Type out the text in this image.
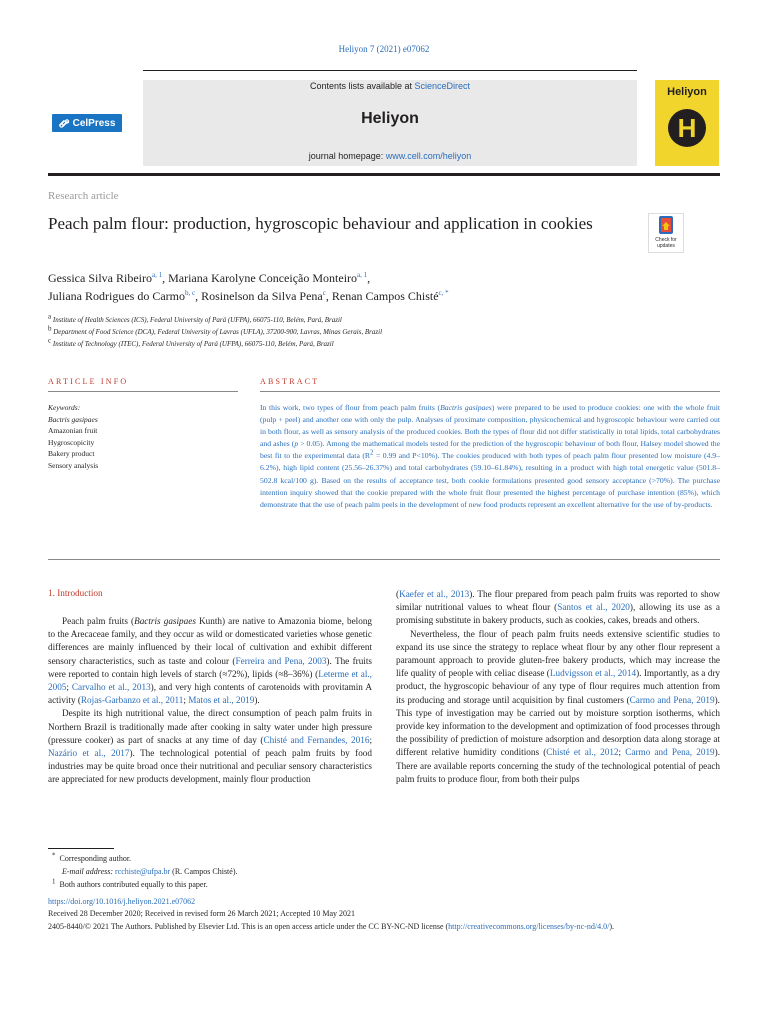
Heliyon 7 (2021) e07062
Contents lists available at ScienceDirect
Heliyon
journal homepage: www.cell.com/heliyon
CelPress
Heliyon
H
Research article
Peach palm flour: production, hygroscopic behaviour and application in cookies
Check for
updates
Gessica Silva Ribeiro$^{a, 1}$, Mariana Karolyne Conceição Monteiro$^{a, 1}$,
Juliana Rodrigues do Carmo$^{b, c}$, Rosinelson da Silva Pena$^c$, Renan Campos Chisté$^{c, *}$
$^a$ Institute of Health Sciences (ICS), Federal University of Pará (UFPA), 66075-110, Belém, Pará, Brazil
$^b$ Department of Food Science (DCA), Federal University of Lavras (UFLA), 37200-900, Lavras, Minas Gerais, Brazil
$^c$ Institute of Technology (ITEC), Federal University of Pará (UFPA), 66075-110, Belém, Pará, Brazil
ARTICLE INFO	ABSTRACT
Keywords:
Bactris gasipaes
Amazonian fruit
Hygroscopicity
Bakery product
Sensory analysis
In this work, two types of flour from peach palm fruits (Bactris gasipaes) were prepared to be used to produce cookies: one with the whole fruit (pulp + peel) and another one with only the pulp. Analyses of proximate composition, physicochemical and hygroscopic behaviour were carried out in both flour, as well as sensory analysis of the produced cookies. Both the types of flour did not differ statistically in total lipids, total carbohydrates and ashes (p > 0.05). Among the mathematical models tested for the prediction of the hygroscopic behaviour of both flour, Halsey model showed the best fit to the experimental data ($R^2 = 0.99$ and P<10%). The cookies produced with both types of peach palm flour presented low moisture (4.9–6.2%), high lipid content (25.56–26.37%) and total carbohydrates (59.10–61.84%), resulting in a product with high total energetic value (501.8–502.8 kcal/100 g). Based on the results of acceptance test, both cookie formulations presented good sensory acceptance (>70%). The purchase intention inquiry showed that the cookie prepared with the whole fruit flour presented the highest percentage of purchase intention (85%), which demonstrate that the use of peach palm peels in the development of new food products represent an excellent alternative for the use of by-products.
1. Introduction

Peach palm fruits (Bactris gasipaes Kunth) are native to Amazonia biome, belong to the Arecaceae family, and they occur as wild or domesticated varieties whose genetic differences are mainly influenced by their local of cultivation and exhibit different sensory characteristics, such as taste and colour (Ferreira and Pena, 2003). The fruits were reported to contain high levels of starch (≈72%), lipids (≈8–36%) (Leterme et al., 2005; Carvalho et al., 2013), and very high contents of carotenoids with provitamin A activity (Rojas-Garbanzo et al., 2011; Matos et al., 2019).

Despite its high nutritional value, the direct consumption of peach palm fruits in Northern Brazil is traditionally made after cooking in salty water under high pressure (pressure cooker) as part of snacks at any time of day (Chisté and Fernandes, 2016; Nazário et al., 2017). The technological potential of peach palm fruits by food industries may be quite broad once their nutritional and peculiar sensory characteristics are appreciated for new products development, mainly flour production

(Kaefer et al., 2013). The flour prepared from peach palm fruits was reported to show similar nutritional values to wheat flour (Santos et al., 2020), allowing its use as a promising substitute in bakery products, such as cookies, cakes, breads and others.

Nevertheless, the flour of peach palm fruits needs extensive scientific studies to expand its use since the strategy to replace wheat flour by any other flour represent a paramount approach to provide gluten-free bakery products, which may increase the life quality of people with celiac disease (Ludvigsson et al., 2014). Importantly, as a dry product, the hygroscopic behaviour of any type of flour requires much attention from its producing and storage until acquisition by final customers (Carmo and Pena, 2019). This type of investigation may be carried out by moisture sorption isotherms, which provide key information to the development and optimization of food processes through the possibility of prediction of moisture adsorption and desorption data along storage at different relative humidity conditions (Chisté et al., 2012; Carmo and Pena, 2019). There are available reports concerning the study of the technological potential of peach palm fruits to produce flour, from both their pulps

* Corresponding author.
E-mail address: rcchiste@ufpa.br (R. Campos Chisté).
$^1$ Both authors contributed equally to this paper.
https://doi.org/10.1016/j.heliyon.2021.e07062
Received 28 December 2020; Received in revised form 26 March 2021; Accepted 10 May 2021
2405-8440/© 2021 The Authors. Published by Elsevier Ltd. This is an open access article under the CC BY-NC-ND license (http://creativecommons.org/licenses/by-nc-nd/4.0/).
